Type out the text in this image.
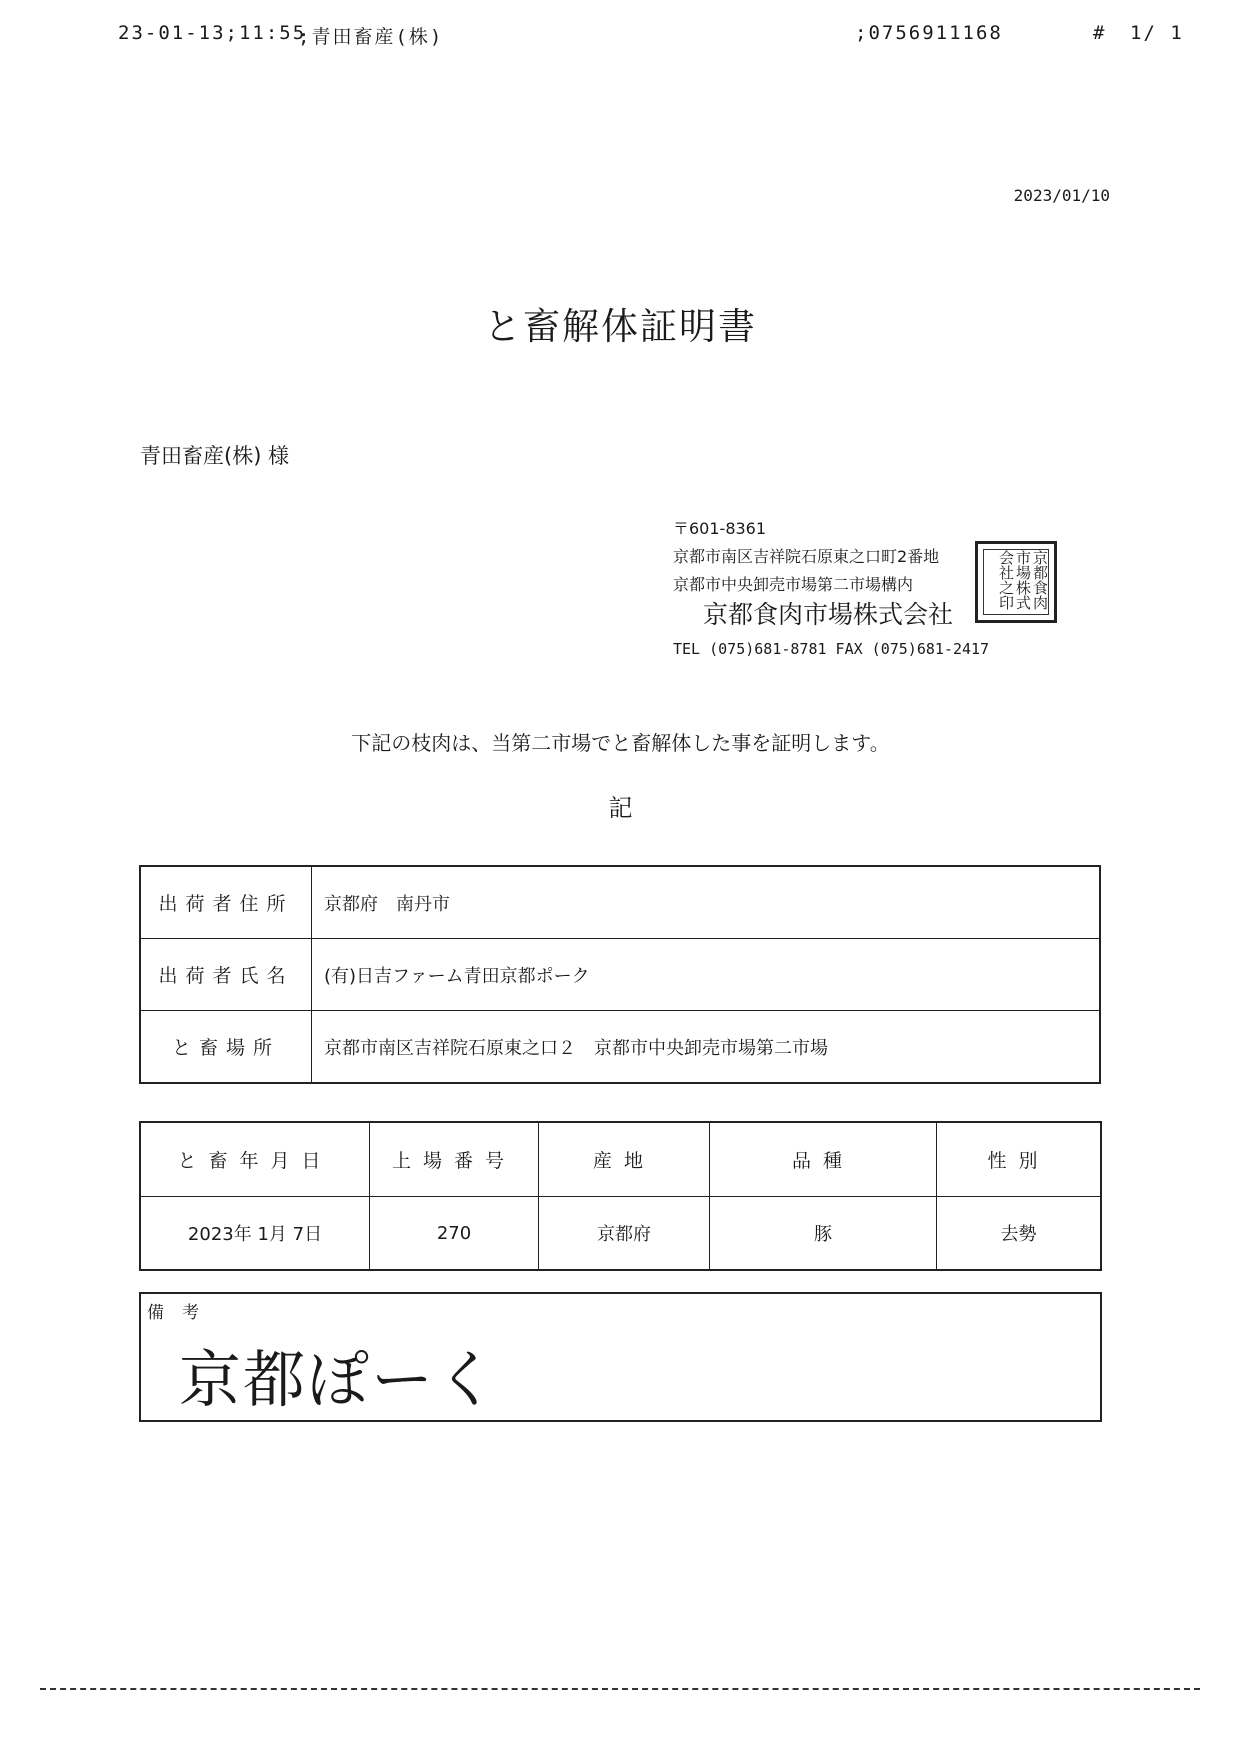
23-01-13;11:55
;青田畜産(株)	;0756911168	# 1/ 1
2023/01/10
と畜解体証明書
青田畜産(株) 様
〒601-8361
京都市南区吉祥院石原東之口町2番地
京都市中央卸売市場第二市場構内
京都食肉市場株式会社
TEL (075)681-8781 FAX (075)681-2417
京都食肉市場株式会社之印
下記の枝肉は、当第二市場でと畜解体した事を証明します。
記
出荷者住所	京都府　南丹市
出荷者氏名	(有)日吉ファーム青田京都ポーク
と畜場所	京都市南区吉祥院石原東之口２　京都市中央卸売市場第二市場
と畜年月日	上場番号	産地	品種	性別
2023年 1月 7日	270	京都府	豚	去勢
備考
京都ぽーく
